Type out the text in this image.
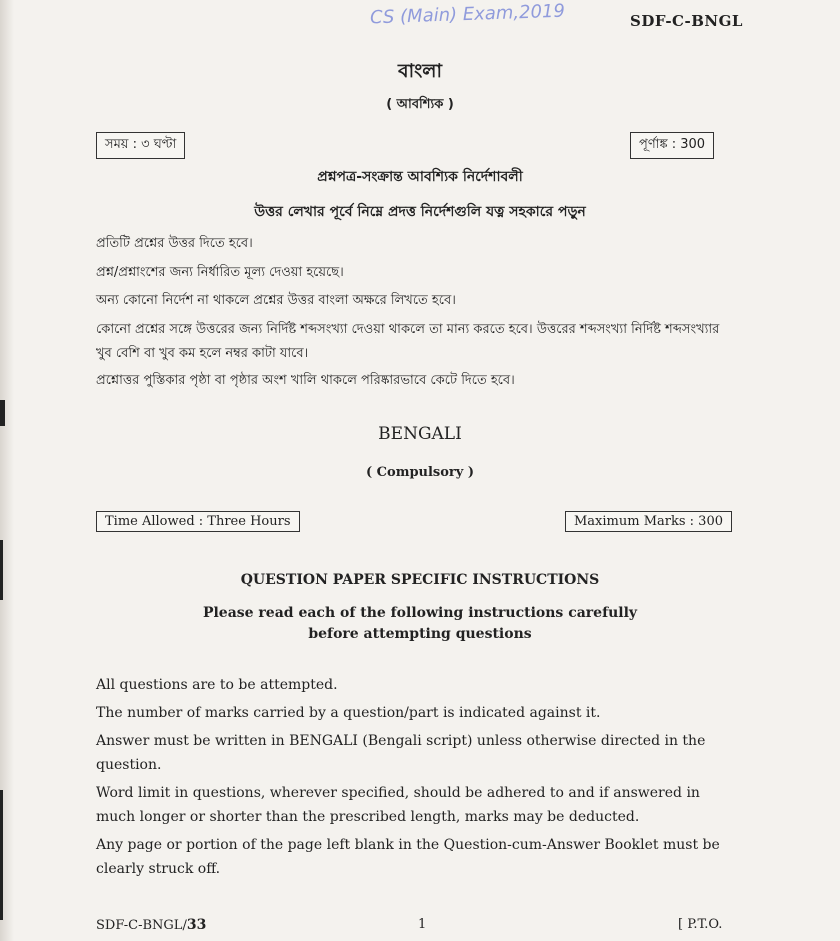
CS (Main) Exam,2019	SDF-C-BNGL
বাংলা
( আবশ্যিক )
সময় : ৩ ঘণ্টা	পূর্ণাঙ্ক : 300
প্রশ্নপত্র-সংক্রান্ত আবশ্যিক নির্দেশাবলী
উত্তর লেখার পূর্বে নিম্নে প্রদত্ত নির্দেশগুলি যত্ন সহকারে পড়ুন
প্রতিটি প্রশ্নের উত্তর দিতে হবে।
প্রশ্ন/প্রশ্নাংশের জন্য নির্ধারিত মূল্য দেওয়া হয়েছে।
অন্য কোনো নির্দেশ না থাকলে প্রশ্নের উত্তর বাংলা অক্ষরে লিখতে হবে।
কোনো প্রশ্নের সঙ্গে উত্তরের জন্য নির্দিষ্ট শব্দসংখ্যা দেওয়া থাকলে তা মান্য করতে হবে। উত্তরের শব্দসংখ্যা নির্দিষ্ট শব্দসংখ্যার
খুব বেশি বা খুব কম হলে নম্বর কাটা যাবে।
প্রশ্নোত্তর পুস্তিকার পৃষ্ঠা বা পৃষ্ঠার অংশ খালি থাকলে পরিষ্কারভাবে কেটে দিতে হবে।
BENGALI
( Compulsory )
Time Allowed : Three Hours	Maximum Marks : 300
QUESTION PAPER SPECIFIC INSTRUCTIONS
Please read each of the following instructions carefully
before attempting questions
All questions are to be attempted.
The number of marks carried by a question/part is indicated against it.
Answer must be written in BENGALI (Bengali script) unless otherwise directed in the question.
Word limit in questions, wherever specified, should be adhered to and if answered in much longer or shorter than the prescribed length, marks may be deducted.
Any page or portion of the page left blank in the Question-cum-Answer Booklet must be clearly struck off.
SDF-C-BNGL/33	1	[ P.T.O.
